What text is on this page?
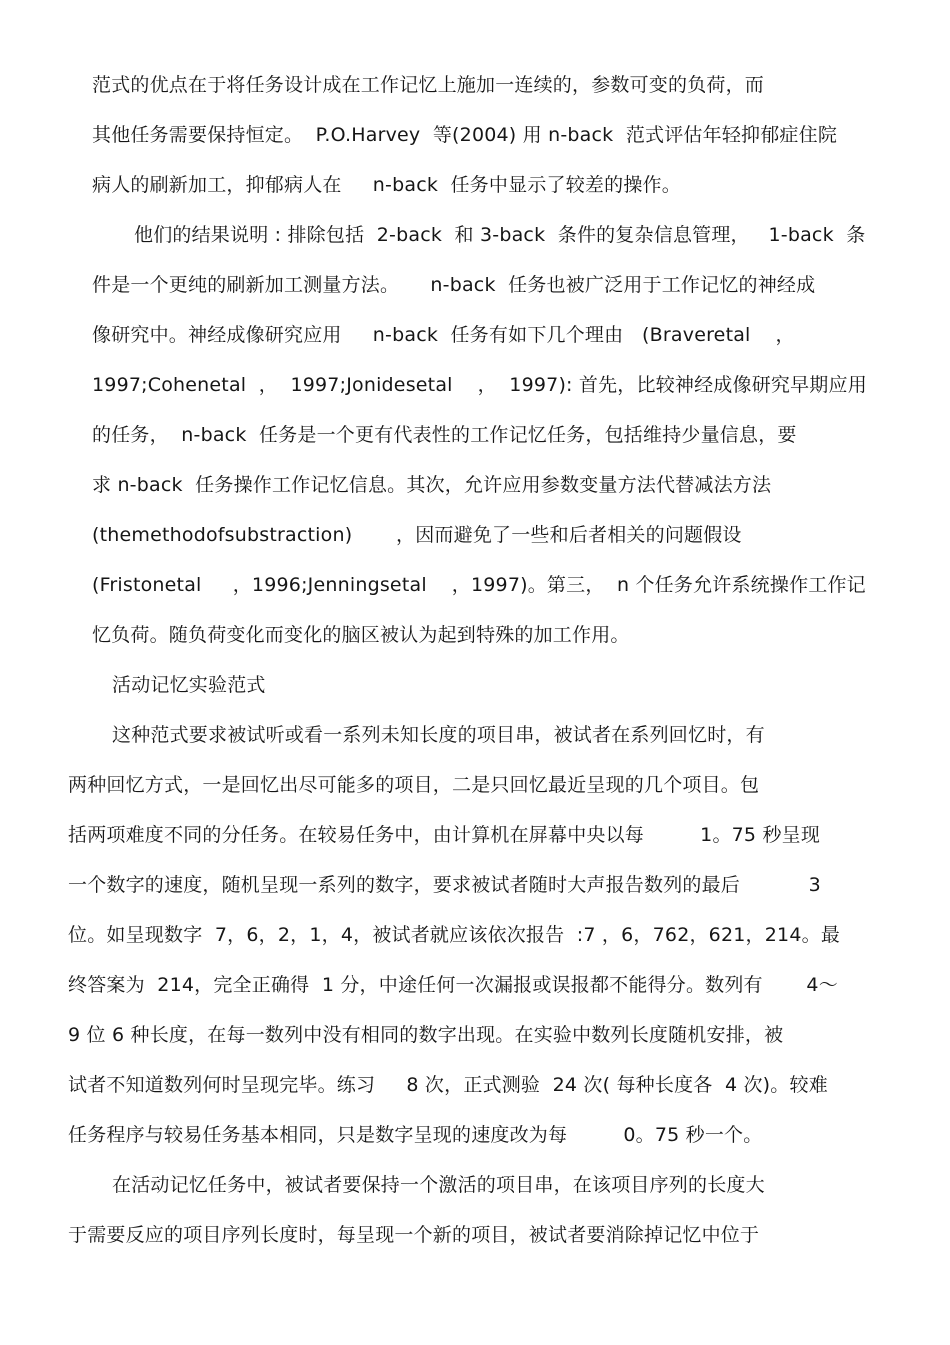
范式的优点在于将任务设计成在工作记忆上施加一连续的，参数可变的负荷，而
其他任务需要保持恒定。  P.O.Harvey  等(2004) 用 n-back  范式评估年轻抑郁症住院
病人的刷新加工，抑郁病人在     n-back  任务中显示了较差的操作。
他们的结果说明 : 排除包括  2-back  和 3-back  条件的复杂信息管理，   1-back  条
件是一个更纯的刷新加工测量方法。     n-back  任务也被广泛用于工作记忆的神经成
像研究中。神经成像研究应用     n-back  任务有如下几个理由   (Braveretal    ，
1997;Cohenetal  ，  1997;Jonidesetal    ，  1997): 首先，比较神经成像研究早期应用
的任务，  n-back  任务是一个更有代表性的工作记忆任务，包括维持少量信息，要
求 n-back  任务操作工作记忆信息。其次，允许应用参数变量方法代替减法方法
(themethodofsubstraction)       ，因而避免了一些和后者相关的问题假设
(Fristonetal     ，1996;Jenningsetal    ，1997)。第三，  n 个任务允许系统操作工作记
忆负荷。随负荷变化而变化的脑区被认为起到特殊的加工作用。
活动记忆实验范式
这种范式要求被试听或看一系列未知长度的项目串，被试者在系列回忆时，有
两种回忆方式，一是回忆出尽可能多的项目，二是只回忆最近呈现的几个项目。包
括两项难度不同的分任务。在较易任务中，由计算机在屏幕中央以每         1。75 秒呈现
一个数字的速度，随机呈现一系列的数字，要求被试者随时大声报告数列的最后           3
位。如呈现数字  7，6，2，1，4，被试者就应该依次报告  :7 ，6，762，621，214。最
终答案为  214，完全正确得  1 分，中途任何一次漏报或误报都不能得分。数列有       4～
9 位 6 种长度，在每一数列中没有相同的数字出现。在实验中数列长度随机安排，被
试者不知道数列何时呈现完毕。练习     8 次，正式测验  24 次( 每种长度各  4 次)。较难
任务程序与较易任务基本相同，只是数字呈现的速度改为每         0。75 秒一个。
在活动记忆任务中，被试者要保持一个激活的项目串，在该项目序列的长度大
于需要反应的项目序列长度时，每呈现一个新的项目，被试者要消除掉记忆中位于
